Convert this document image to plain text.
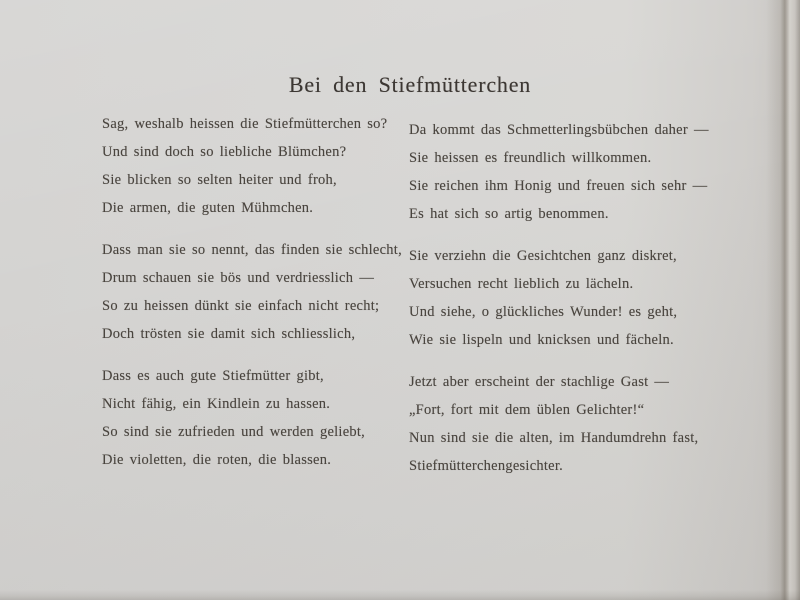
Bei den Stiefmütterchen

Sag, weshalb heissen die Stiefmütterchen so?

Und sind doch so liebliche Blümchen?

Sie blicken so selten heiter und froh,

Die armen, die guten Mühmchen.

Dass man sie so nennt, das finden sie schlecht,

Drum schauen sie bös und verdriesslich —

So zu heissen dünkt sie einfach nicht recht;

Doch trösten sie damit sich schliesslich,

Dass es auch gute Stiefmütter gibt,

Nicht fähig, ein Kindlein zu hassen.

So sind sie zufrieden und werden geliebt,

Die violetten, die roten, die blassen.

Da kommt das Schmetterlingsbübchen daher —

Sie heissen es freundlich willkommen.

Sie reichen ihm Honig und freuen sich sehr —

Es hat sich so artig benommen.

Sie verziehn die Gesichtchen ganz diskret,

Versuchen recht lieblich zu lächeln.

Und siehe, o glückliches Wunder! es geht,

Wie sie lispeln und knicksen und fächeln.

Jetzt aber erscheint der stachlige Gast —

„Fort, fort mit dem üblen Gelichter!“

Nun sind sie die alten, im Handumdrehn fast,

Stiefmütterchengesichter.
